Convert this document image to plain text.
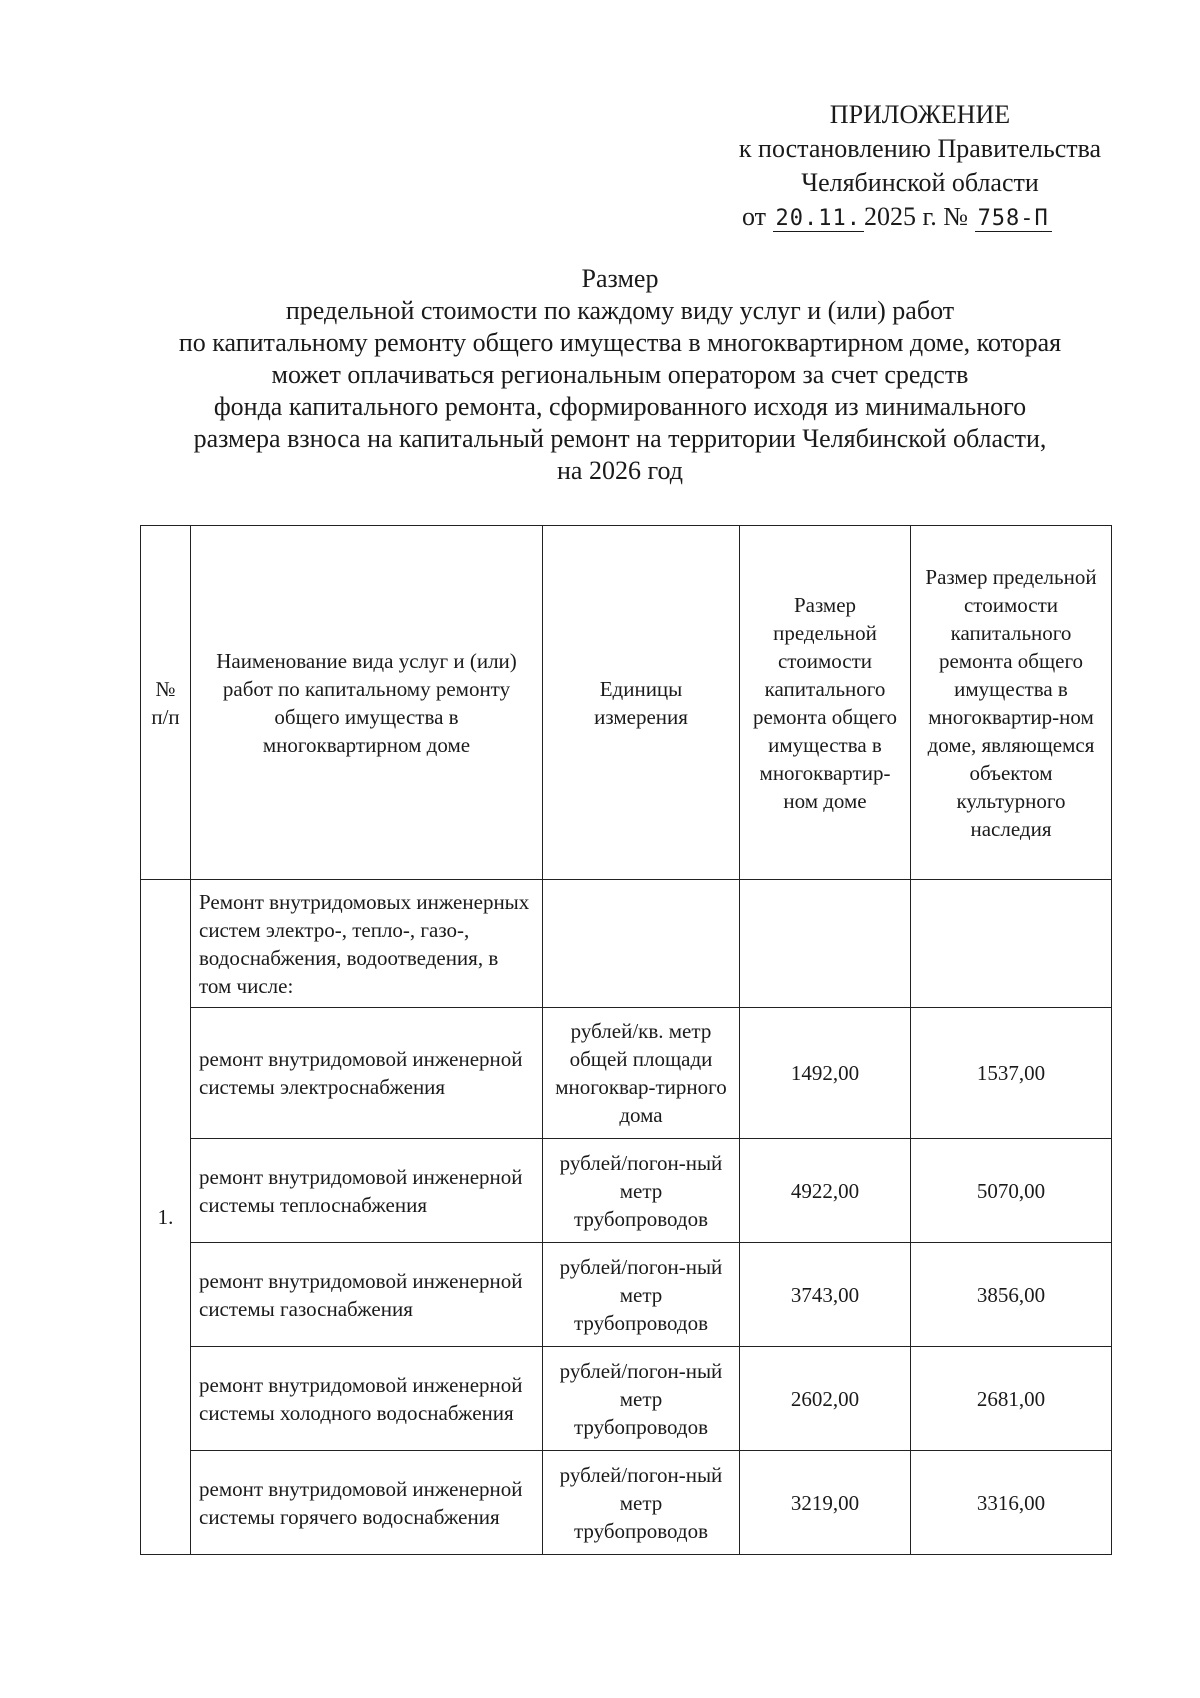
ПРИЛОЖЕНИЕ
к постановлению Правительства
Челябинской области
от 20.11. 2025 г. № 758-П
Размер
предельной стоимости по каждому виду услуг и (или) работ
по капитальному ремонту общего имущества в многоквартирном доме, которая
может оплачиваться региональным оператором за счет средств
фонда капитального ремонта, сформированного исходя из минимального
размера взноса на капитальный ремонт на территории Челябинской области,
на 2026 год
№ п/п	Наименование вида услуг и (или) работ по капитальному ремонту общего имущества в многоквартирном доме	Единицы измерения	Размер предельной стоимости капитального ремонта общего имущества в многоквартир-ном доме	Размер предельной стоимости капитального ремонта общего имущества в многоквартир-ном доме, являющемся объектом культурного наследия
1.	Ремонт внутридомовых инженерных систем электро-, тепло-, газо-, водоснабжения, водоотведения, в том числе:			
	ремонт внутридомовой инженерной системы электроснабжения	рублей/кв. метр общей площади многоквар-тирного дома	1492,00	1537,00
	ремонт внутридомовой инженерной системы теплоснабжения	рублей/погон-ный метр трубопроводов	4922,00	5070,00
	ремонт внутридомовой инженерной системы газоснабжения	рублей/погон-ный метр трубопроводов	3743,00	3856,00
	ремонт внутридомовой инженерной системы холодного водоснабжения	рублей/погон-ный метр трубопроводов	2602,00	2681,00
	ремонт внутридомовой инженерной системы горячего водоснабжения	рублей/погон-ный метр трубопроводов	3219,00	3316,00
